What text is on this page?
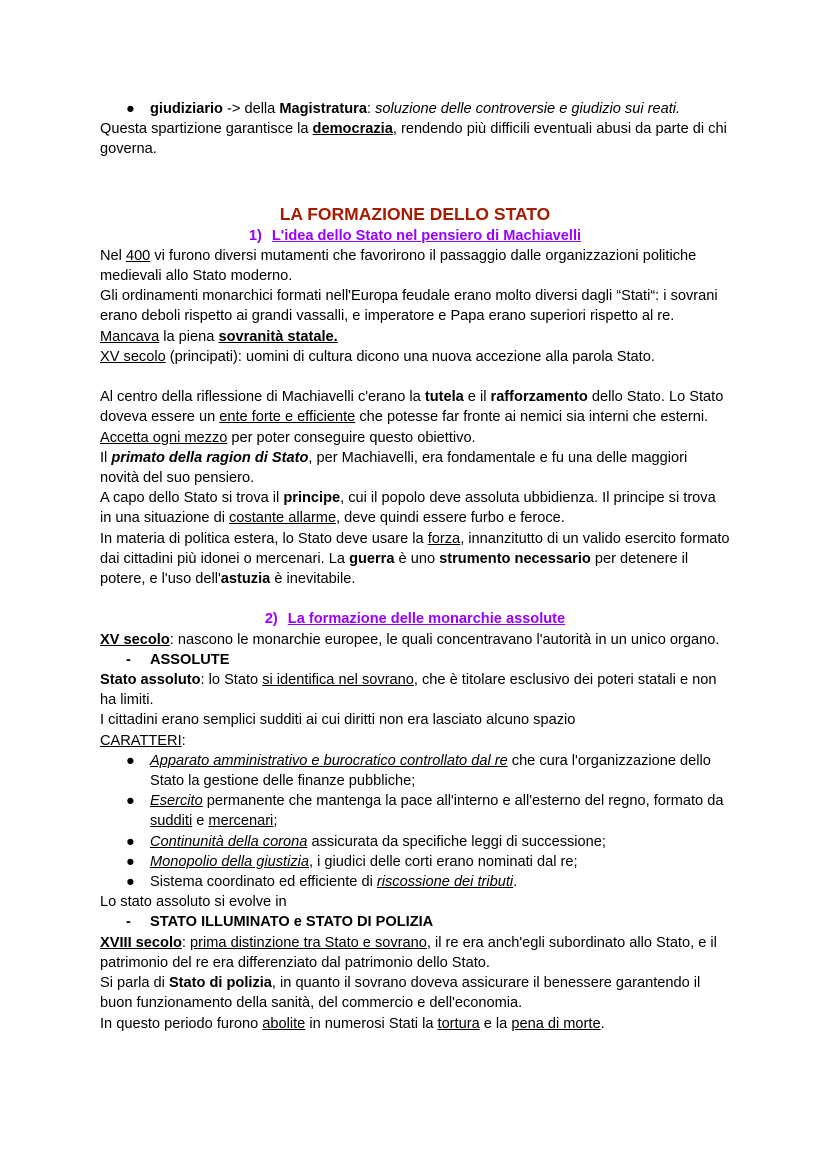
● giudiziario -> della Magistratura: soluzione delle controversie e giudizio sui reati.

Questa spartizione garantisce la democrazia, rendendo più difficili eventuali abusi da parte di chi governa.

LA FORMAZIONE DELLO STATO

1) L'idea dello Stato nel pensiero di Machiavelli

Nel 400 vi furono diversi mutamenti che favorirono il passaggio dalle organizzazioni politiche medievali allo Stato moderno.

Gli ordinamenti monarchici formati nell'Europa feudale erano molto diversi dagli “Stati“: i sovrani erano deboli rispetto ai grandi vassalli, e imperatore e Papa erano superiori rispetto al re. Mancava la piena sovranità statale.

XV secolo (principati): uomini di cultura dicono una nuova accezione alla parola Stato.

Al centro della riflessione di Machiavelli c'erano la tutela e il rafforzamento dello Stato. Lo Stato doveva essere un ente forte e efficiente che potesse far fronte ai nemici sia interni che esterni. Accetta ogni mezzo per poter conseguire questo obiettivo.

Il primato della ragion di Stato, per Machiavelli, era fondamentale e fu una delle maggiori novità del suo pensiero.

A capo dello Stato si trova il principe, cui il popolo deve assoluta ubbidienza. Il principe si trova in una situazione di costante allarme, deve quindi essere furbo e feroce.

In materia di politica estera, lo Stato deve usare la forza, innanzitutto di un valido esercito formato dai cittadini più idonei o mercenari. La guerra è uno strumento necessario per detenere il potere, e l'uso dell'astuzia è inevitabile.

2) La formazione delle monarchie assolute

XV secolo: nascono le monarchie europee, le quali concentravano l'autorità in un unico organo.

- ASSOLUTE

Stato assoluto: lo Stato si identifica nel sovrano, che è titolare esclusivo dei poteri statali e non ha limiti.

I cittadini erano semplici sudditi ai cui diritti non era lasciato alcuno spazio

CARATTERI:

● Apparato amministrativo e burocratico controllato dal re che cura l'organizzazione dello Stato la gestione delle finanze pubbliche;

● Esercito permanente che mantenga la pace all'interno e all'esterno del regno, formato da sudditi e mercenari;

● Continunità della corona assicurata da specifiche leggi di successione;

● Monopolio della giustizia, i giudici delle corti erano nominati dal re;

● Sistema coordinato ed efficiente di riscossione dei tributi.

Lo stato assoluto si evolve in

- STATO ILLUMINATO e STATO DI POLIZIA

XVIII secolo: prima distinzione tra Stato e sovrano, il re era anch'egli subordinato allo Stato, e il patrimonio del re era differenziato dal patrimonio dello Stato.

Si parla di Stato di polizia, in quanto il sovrano doveva assicurare il benessere garantendo il buon funzionamento della sanità, del commercio e dell'economia.

In questo periodo furono abolite in numerosi Stati la tortura e la pena di morte.
